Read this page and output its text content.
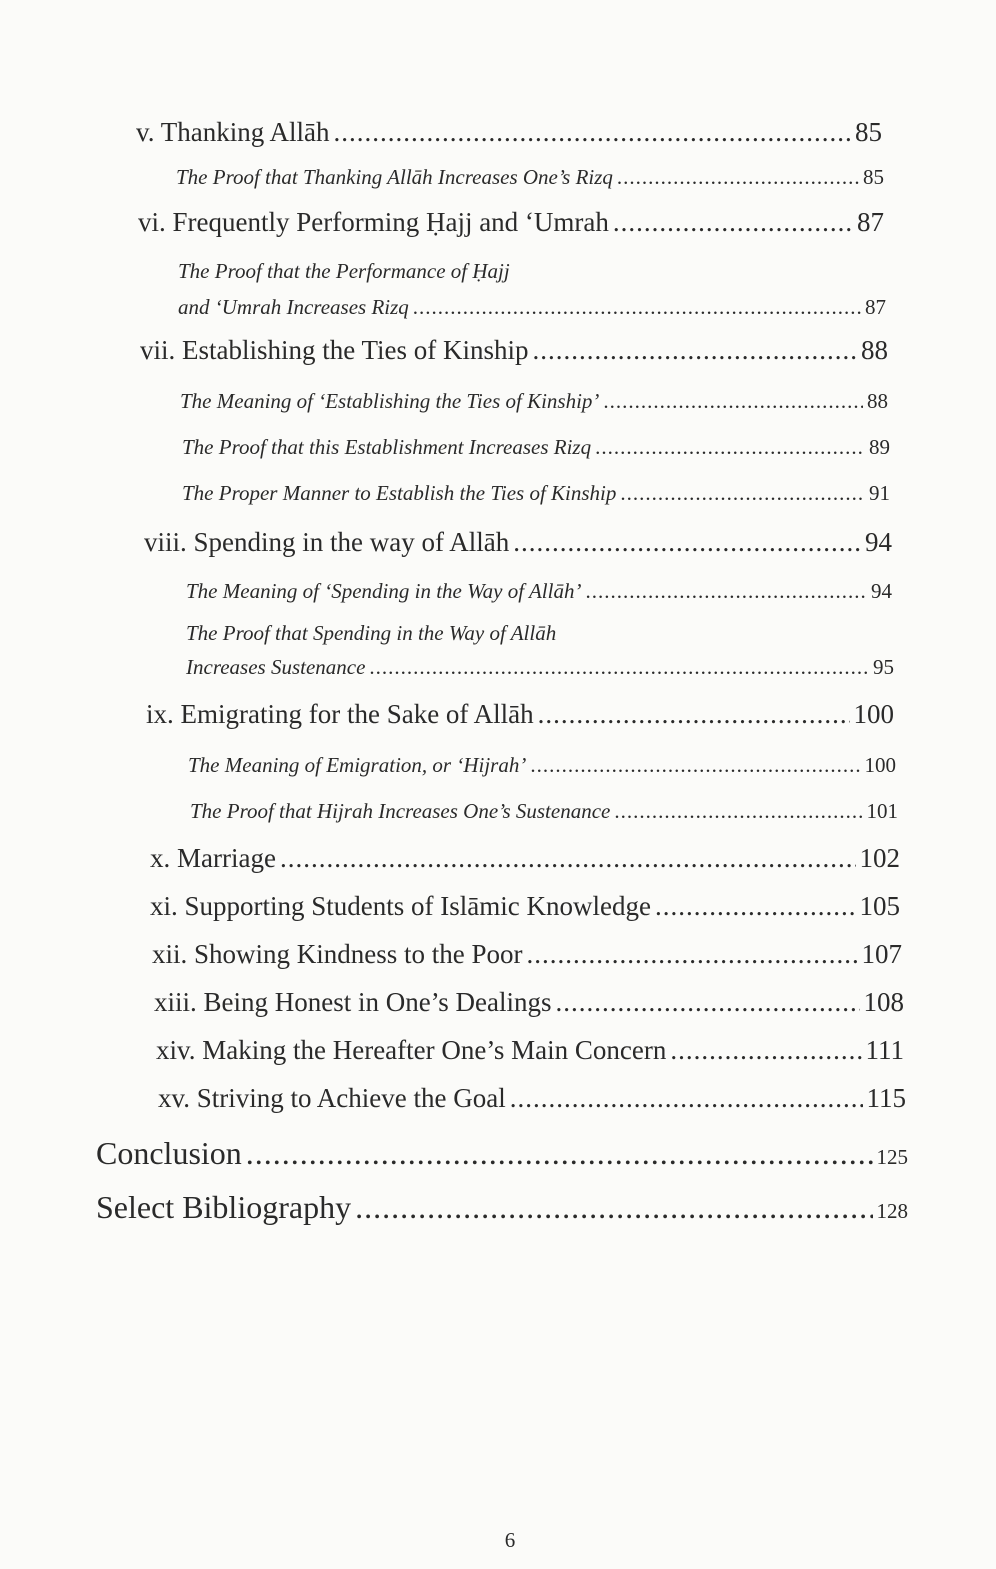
v. Thanking Allāh .....	85
The Proof that Thanking Allāh Increases One’s Rizq .....	85
vi. Frequently Performing Ḥajj and ‘Umrah .....	87
The Proof that the Performance of Ḥajj
and ‘Umrah Increases Rizq .....	87
vii. Establishing the Ties of Kinship .....	88
The Meaning of ‘Establishing the Ties of Kinship’ .....	88
The Proof that this Establishment Increases Rizq .....	89
The Proper Manner to Establish the Ties of Kinship .....	91
viii. Spending in the way of Allāh .....	94
The Meaning of ‘Spending in the Way of Allāh’ .....	94
The Proof that Spending in the Way of Allāh
Increases Sustenance .....	95
ix. Emigrating for the Sake of Allāh .....	100
The Meaning of Emigration, or ‘Hijrah’ .....	100
The Proof that Hijrah Increases One’s Sustenance .....	101
x. Marriage .....	102
xi. Supporting Students of Islāmic Knowledge .....	105
xii. Showing Kindness to the Poor .....	107
xiii. Being Honest in One’s Dealings .....	108
xiv. Making the Hereafter One’s Main Concern .....	111
xv. Striving to Achieve the Goal .....	115
Conclusion .....	125
Select Bibliography .....	128
6
